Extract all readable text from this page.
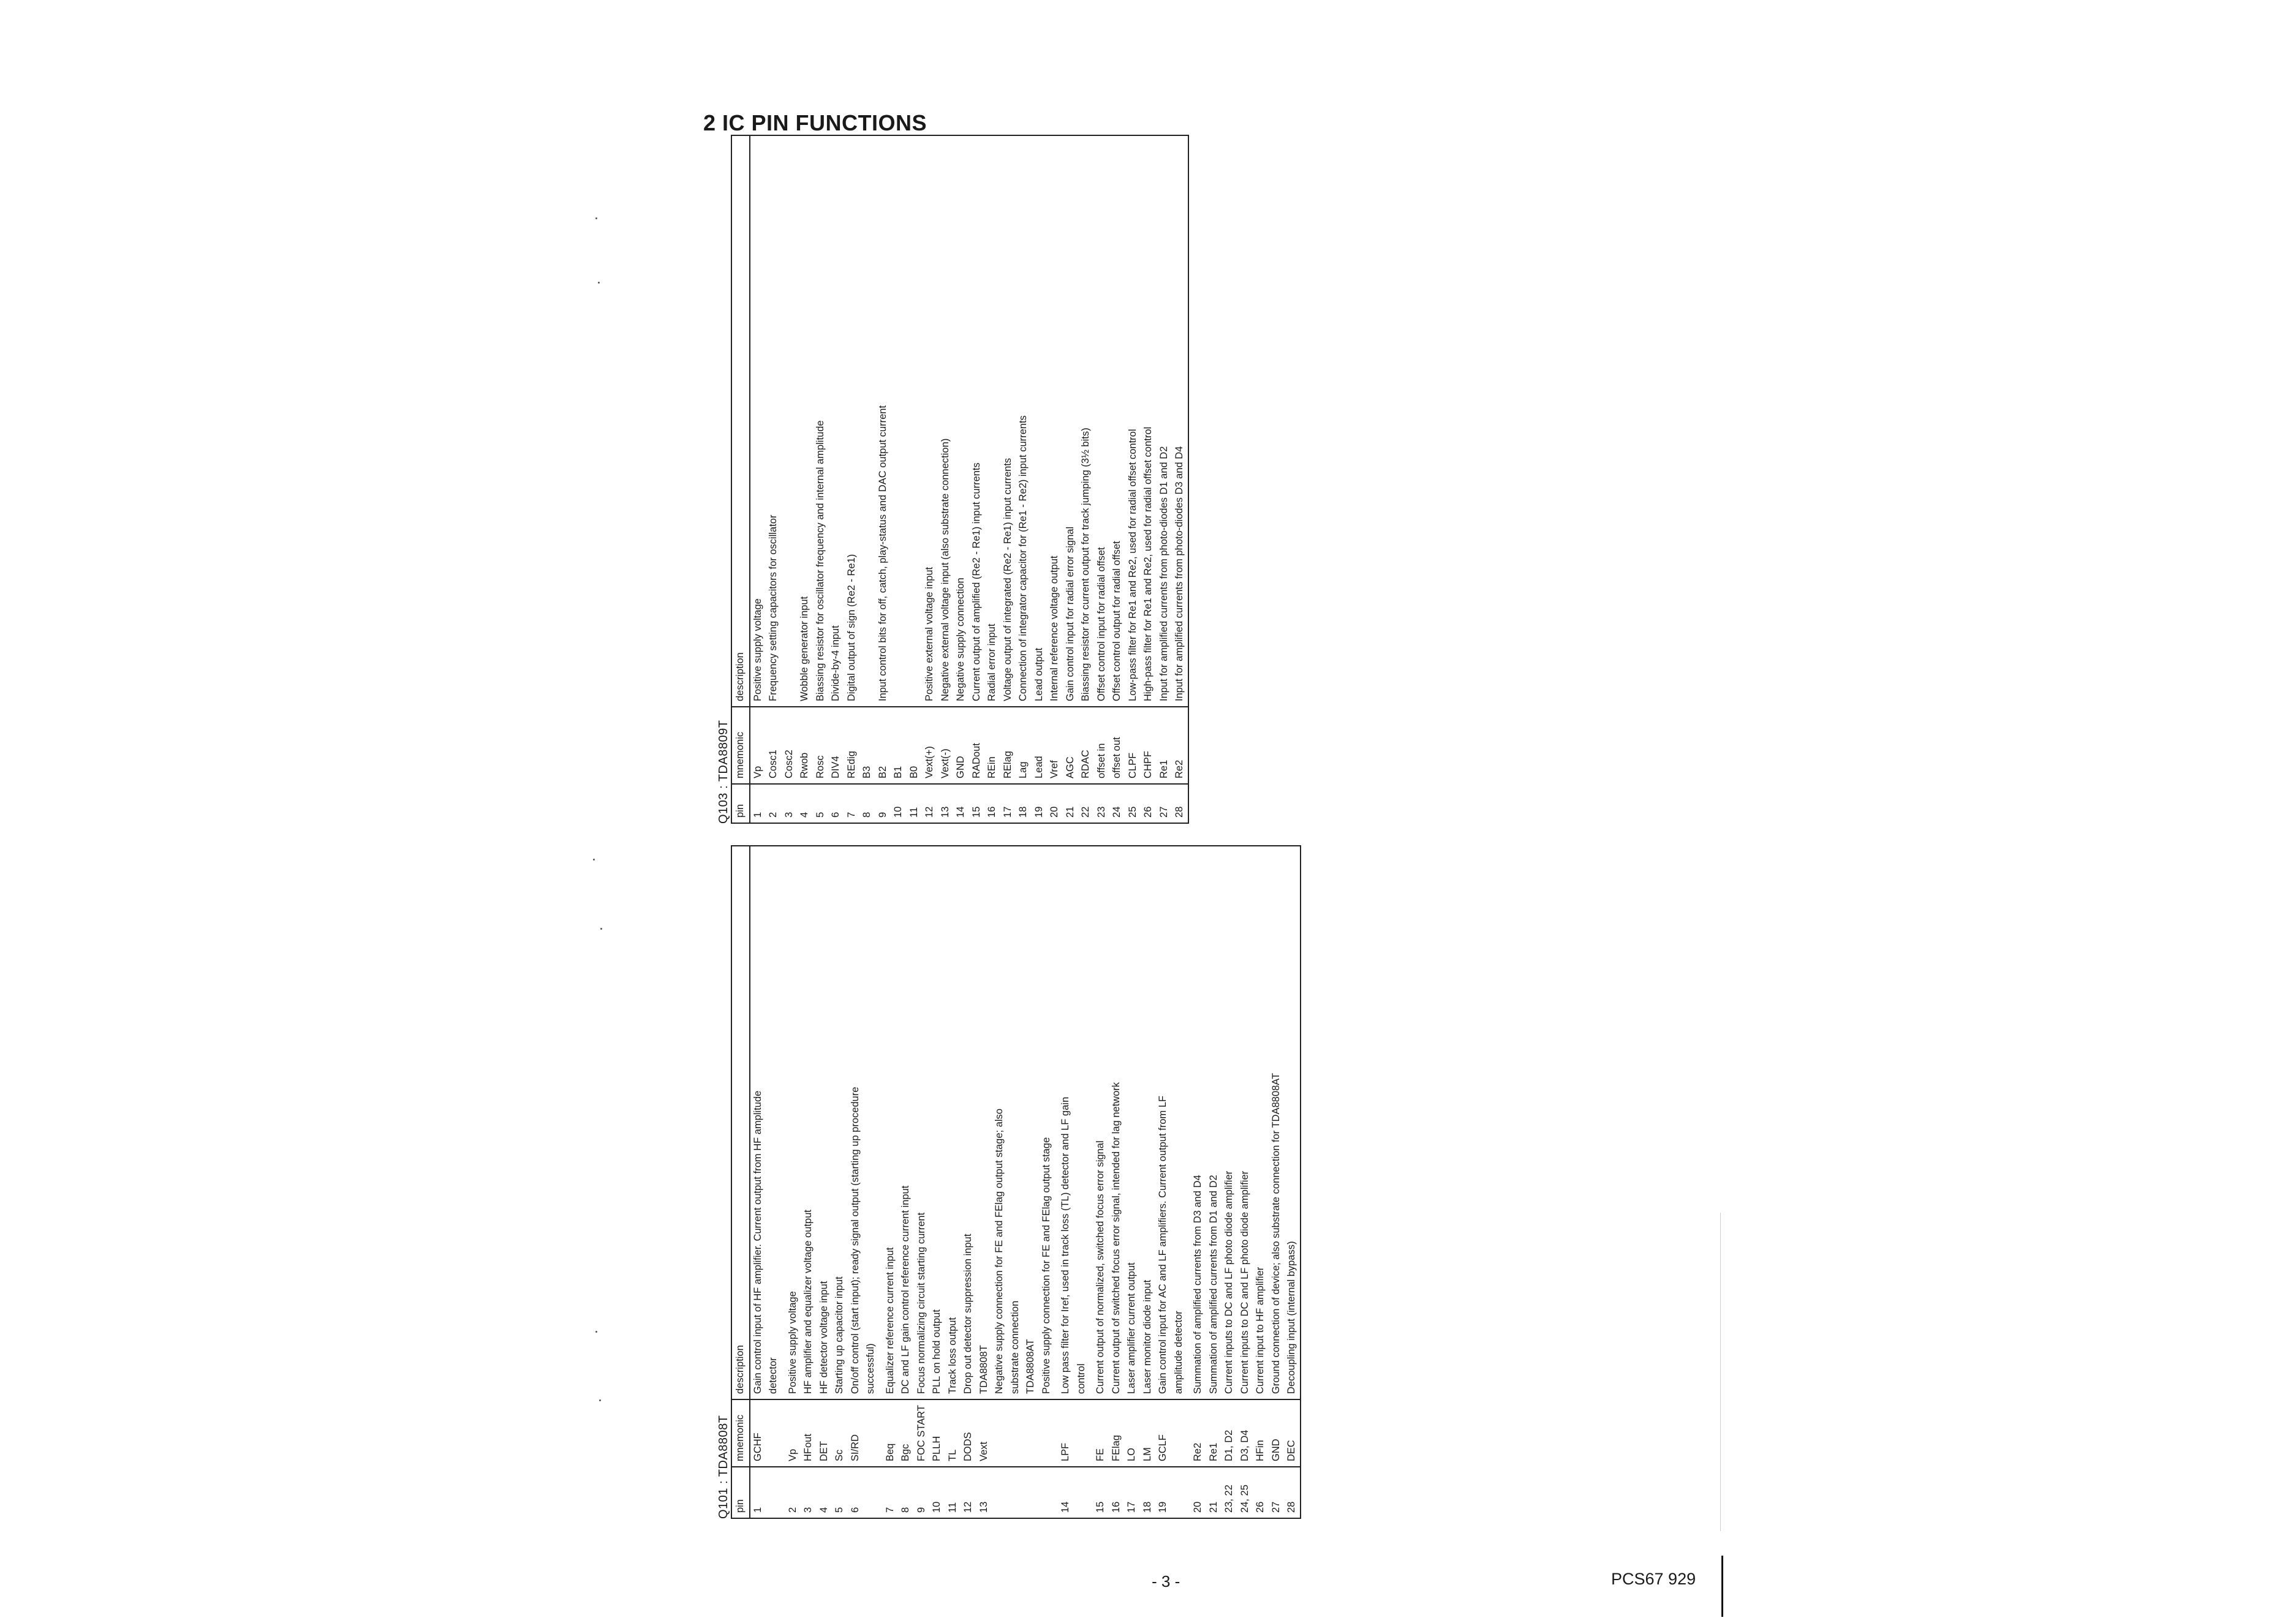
2 IC PIN FUNCTIONS
Q101 : TDA8808T pin	mnemonic	description
1	GCHF	Gain control input of HF amplifier. Current output from HF amplitude
		detector

2	Vp	Positive supply voltage
3	HFout	HF amplifier and equalizer voltage output
4	DET	HF detector voltage input
5	Sc	Starting up capacitor input
6	SI/RD	On/off control (start input); ready signal output (starting up procedure
		successful)

7	Beq	Equalizer reference current input
8	Bgc	DC and LF gain control reference current input
9	FOC START	Focus normalizing circuit starting current
10	PLLH	PLL on hold output
11	TL	Track loss output
12	DODS	Drop out detector suppression input
13	Vext	TDA8808T
		Negative supply connection for FE and FElag output stage; also
		substrate connection
		TDA8808AT
		Positive supply connection for FE and FElag output stage

14	LPF	Low pass filter for Iref, used in track loss (TL) detector and LF gain
		control

15	FE	Current output of normalized, switched focus error signal
16	FElag	Current output of switched focus error signal, intended for lag network
17	LO	Laser amplifier current output
18	LM	Laser monitor diode input
19	GCLF	Gain control input for AC and LF amplifiers. Current output from LF
		amplitude detector

20	Re2	Summation of amplified currents from D3 and D4
21	Re1	Summation of amplified currents from D1 and D2
23, 22	D1, D2	Current inputs to DC and LF photo diode amplifier
24, 25	D3, D4	Current inputs to DC and LF photo diode amplifier
26	HFin	Current input to HF amplifier
27	GND	Ground connection of device; also substrate connection for TDA8808AT
28	DEC	Decoupling input (internal bypass)
Q103 : TDA8809T pin	mnemonic	description
1	Vp	Positive supply voltage
2	Cosc1	Frequency setting capacitors for oscillator
3	Cosc2	
4	Rwob	Wobble generator input
5	Rosc	Biassing resistor for oscillator frequency and internal amplitude
6	DIV4	Divide-by-4 input
7	REdig	Digital output of sign (Re2 - Re1)
8	B3	
9	B2	Input control bits for off, catch, play-status and DAC output current
10	B1	
11	B0	
12	Vext(+)	Positive external voltage input
13	Vext(-)	Negative external voltage input (also substrate connection)
14	GND	Negative supply connection
15	RADout	Current output of amplified (Re2 - Re1) input currents
16	REin	Radial error input
17	RElag	Voltage output of integrated (Re2 - Re1) input currents
18	Lag	Connection of integrator capacitor for (Re1 - Re2) input currents
19	Lead	Lead output
20	Vref	Internal reference voltage output
21	AGC	Gain control input for radial error signal
22	RDAC	Biassing resistor for current output for track jumping (3½ bits)
23	offset in	Offset control input for radial offset
24	offset out	Offset control output for radial offset
25	CLPF	Low-pass filter for Re1 and Re2, used for radial offset control
26	CHPF	High-pass filter for Re1 and Re2, used for radial offset control
27	Re1	Input for amplified currents from photo-diodes D1 and D2
28	Re2	Input for amplified currents from photo-diodes D3 and D4
- 3 -	PCS67 929
